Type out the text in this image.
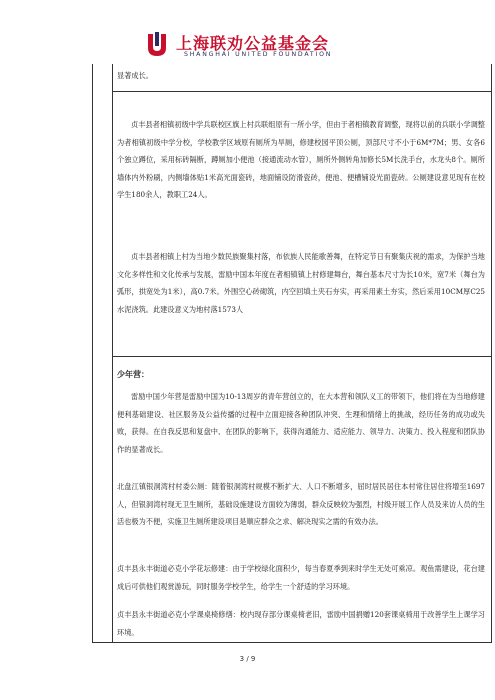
上海联劝公益基金会
SHANGHAI UNITED FOUNDATION
显著成长。
贞丰县者相镇初级中学兵联校区旗上村兵联组原有一所小学，但由于者相镇教育调整，现将以前的兵联小学调整为者相镇初级中学分校，学校教学区域原有厕所为旱厕，修建校园平顶公厕，顶部尺寸不小于6M*7M；男、女各6个独立蹲位，采用标砖隔断，蹲厕加小便池（接通流动水管），厕所外侧转角加修长5M长洗手台，水龙头8个。厕所墙体内外粉刷，内侧墙体贴1米高光面瓷砖，地面铺设防滑瓷砖，便池、便槽铺设光面瓷砖。公厕建设意见现有在校学生180余人，教职工24人。
贞丰县者相镇上村为当地少数民族聚集村落，布依族人民能歌善舞，在特定节日有聚集庆祝的需求，为保护当地文化多样性和文化传承与发展，雷励中国本年度在者相镇镇上村修建舞台，舞台基本尺寸为长10米，宽7米（舞台为弧形，拱宽处为1米），高0.7米。外围空心砖砌筑，内空回填土夹石夯实，再采用素土夯实，然后采用10CM厚C25水泥浇筑。此建设意义为地村落1573人
少年营：
雷励中国少年营是雷励中国为10-13周岁的青年营创立的，在大本营和领队义工的带领下，他们将在为当地修建便利基础建设、社区服务及公益传播的过程中立面迎接各种团队冲突、生理和情绪上的挑战，经历任务的成功或失败，获得。在自我反思和复盘中、在团队的影响下，获得沟通能力、适应能力、领导力、决策力、投入程度和团队协作的显著成长。
北盘江镇银洞湾村村委公厕：随着银洞湾村规模不断扩大、人口不断增多，屈时居民居住本村常住居住将增至1697人，但银洞湾村现无卫生厕所，基础设施建设方面较为薄弱，群众反映较为强烈，村级开展工作人员及来访人员的生活也极为不便，实施卫生厕所建设项目是顺应群众之求、解决现实之需的有效办法。
贞丰县永丰街道必克小学花坛修建：由于学校绿化面积少，每当春夏季到来时学生无处可乘凉。观鱼需建设，花台建成后可供他们观赏游玩，同时服务学校学生，给学生一个舒适的学习环境。
贞丰县永丰街道必克小学课桌椅修缮：校内现存部分课桌椅老旧，雷励中国捐赠120套课桌椅用于改善学生上课学习环境。
3 / 9
